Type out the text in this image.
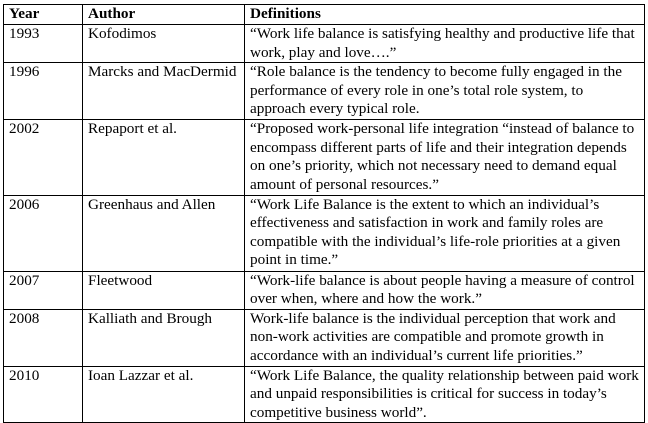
Year	Author	Definitions
1993	Kofodimos	“Work life balance is satisfying healthy and productive life that work, play and love….”
1996	Marcks and MacDermid	“Role balance is the tendency to become fully engaged in the performance of every role in one’s total role system, to approach every typical role.
2002	Repaport et al.	“Proposed work-personal life integration “instead of balance to encompass different parts of life and their integration depends on one’s priority, which not necessary need to demand equal amount of personal resources.”
2006	Greenhaus and Allen	“Work Life Balance is the extent to which an individual’s effectiveness and satisfaction in work and family roles are compatible with the individual’s life-role priorities at a given point in time.”
2007	Fleetwood	“Work-life balance is about people having a measure of control over when, where and how the work.”
2008	Kalliath and Brough	Work-life balance is the individual perception that work and non-work activities are compatible and promote growth in accordance with an individual’s current life priorities.”
2010	Ioan Lazzar et al.	“Work Life Balance, the quality relationship between paid work and unpaid responsibilities is critical for success in today’s competitive business world”.
